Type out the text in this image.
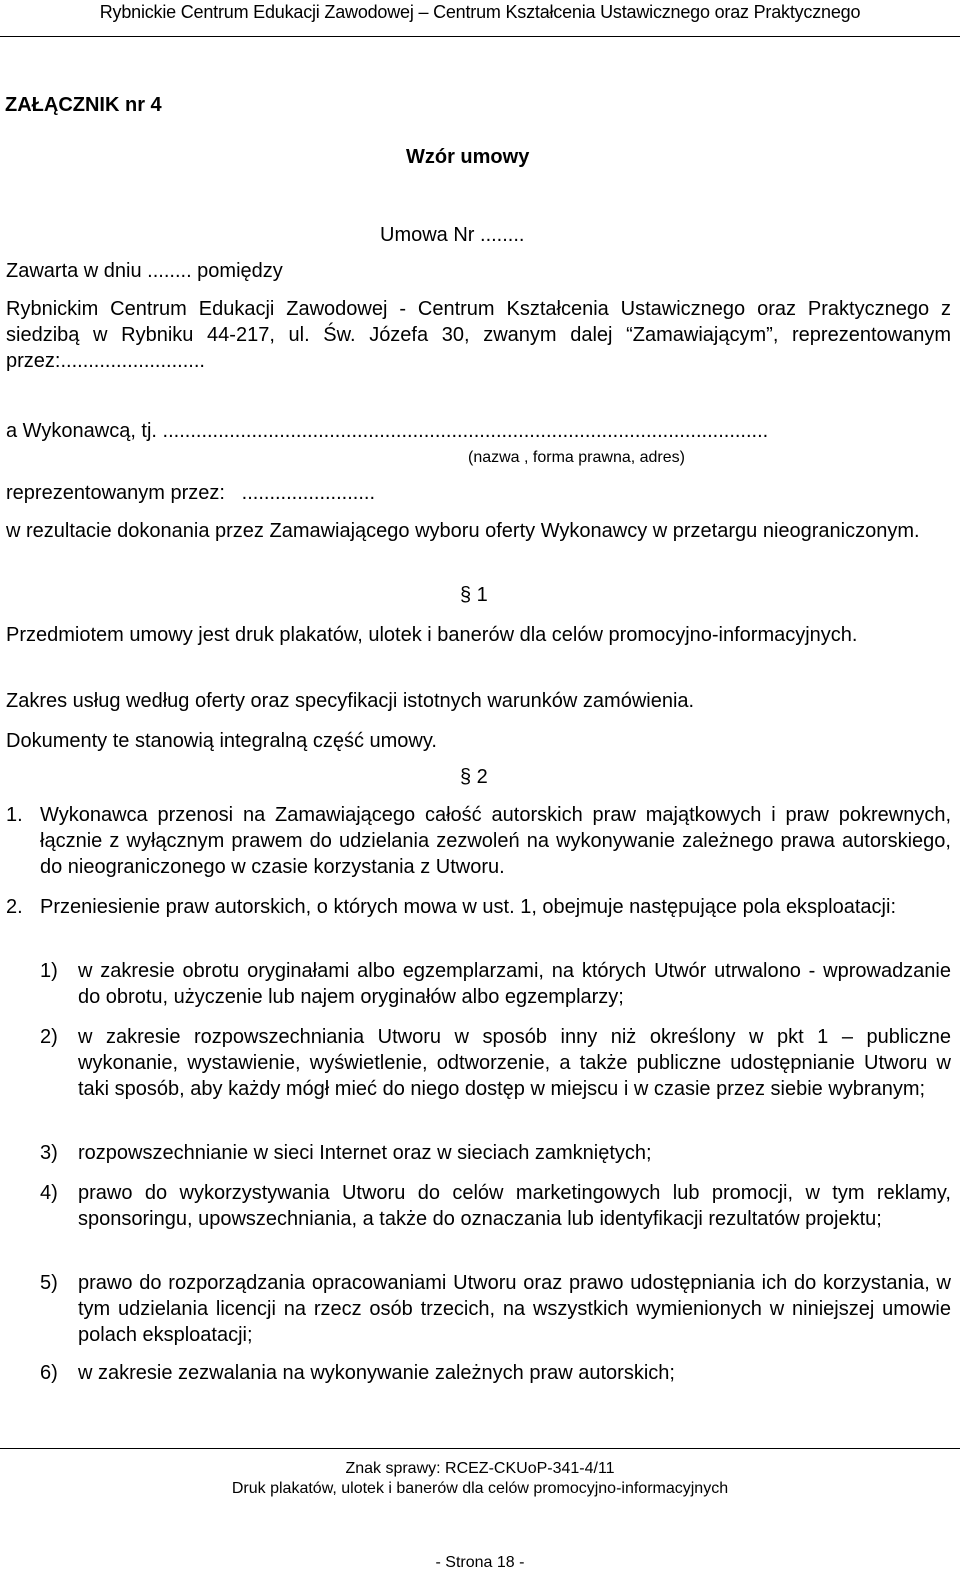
Rybnickie Centrum Edukacji Zawodowej – Centrum Kształcenia Ustawicznego oraz Praktycznego
ZAŁĄCZNIK nr 4
Wzór umowy
Umowa Nr ........
Zawarta w dniu ........ pomiędzy
Rybnickim Centrum Edukacji Zawodowej - Centrum Kształcenia Ustawicznego oraz Praktycznego z siedzibą w Rybniku 44-217, ul. Św. Józefa 30, zwanym dalej “Zamawiającym”, reprezentowanym przez:..........................
a Wykonawcą, tj. .............................................................................................................
(nazwa , forma prawna, adres)
reprezentowanym przez:   ........................
w rezultacie dokonania przez Zamawiającego wyboru oferty Wykonawcy w przetargu nieograniczonym.
§ 1
Przedmiotem umowy jest druk plakatów, ulotek i banerów dla celów promocyjno-informacyjnych.
Zakres usług według oferty oraz specyfikacji istotnych warunków zamówienia.
Dokumenty te stanowią integralną część umowy.
§ 2
1. Wykonawca przenosi na Zamawiającego całość autorskich praw majątkowych i praw pokrewnych, łącznie z wyłącznym prawem do udzielania zezwoleń na wykonywanie zależnego prawa autorskiego, do nieograniczonego w czasie korzystania z Utworu.
2. Przeniesienie praw autorskich, o których mowa w ust. 1, obejmuje następujące pola eksploatacji:
1) w zakresie obrotu oryginałami albo egzemplarzami, na których Utwór utrwalono - wprowadzanie do obrotu, użyczenie lub najem oryginałów albo egzemplarzy;
2) w zakresie rozpowszechniania Utworu w sposób inny niż określony w pkt 1 – publiczne wykonanie, wystawienie, wyświetlenie, odtworzenie, a także publiczne udostępnianie Utworu w taki sposób, aby każdy mógł mieć do niego dostęp w miejscu i w czasie przez siebie wybranym;
3) rozpowszechnianie w sieci Internet oraz w sieciach zamkniętych;
4) prawo do wykorzystywania Utworu do celów marketingowych lub promocji, w tym reklamy, sponsoringu, upowszechniania, a także do oznaczania lub identyfikacji rezultatów projektu;
5) prawo do rozporządzania opracowaniami Utworu oraz prawo udostępniania ich do korzystania, w tym udzielania licencji na rzecz osób trzecich, na wszystkich wymienionych w niniejszej umowie polach eksploatacji;
6) w zakresie zezwalania na wykonywanie zależnych praw autorskich;
Znak sprawy: RCEZ-CKUoP-341-4/11
Druk plakatów, ulotek i banerów dla celów promocyjno-informacyjnych
- Strona 18 -
